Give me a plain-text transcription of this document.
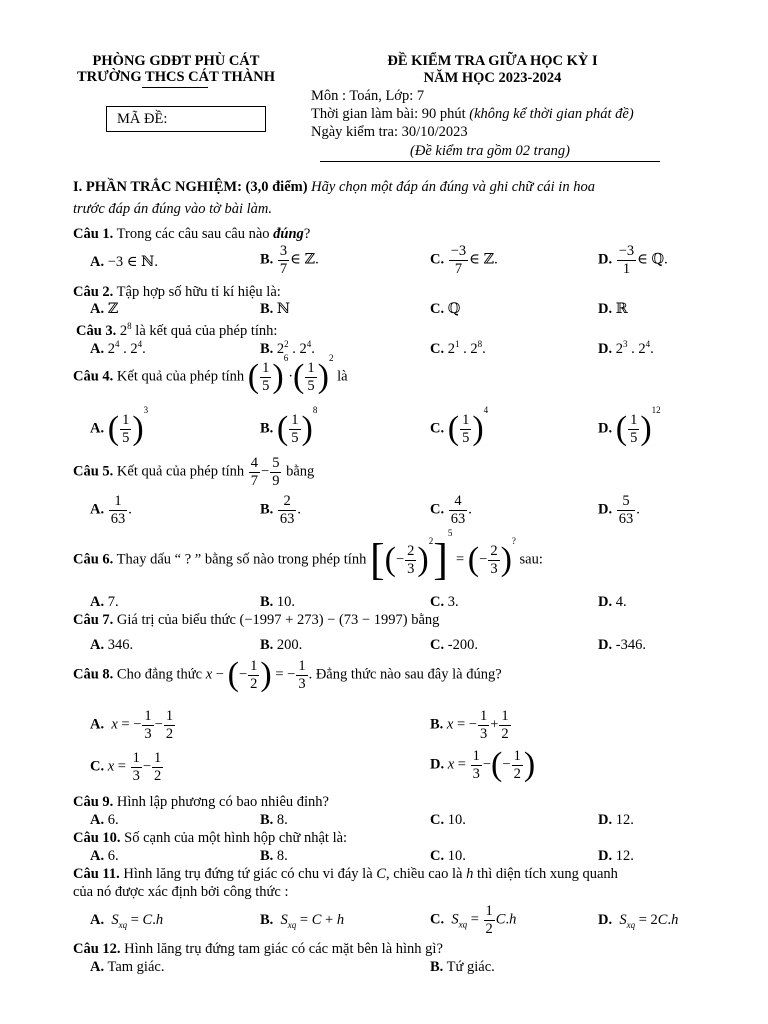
PHÒNG GDĐT PHÙ CÁT
TRƯỜNG THCS CÁT THÀNH
MÃ ĐỀ:
ĐỀ KIỂM TRA GIỮA HỌC KỲ I
NĂM HỌC 2023-2024
Môn : Toán, Lớp: 7
Thời gian làm bài: 90 phút (không kể thời gian phát đề)
Ngày kiểm tra: 30/10/2023
(Đề kiểm tra gồm 02 trang)
I. PHẦN TRẮC NGHIỆM: (3,0 điểm) Hãy chọn một đáp án đúng và ghi chữ cái in hoa
trước đáp án đúng vào tờ bài làm.
Câu 1. Trong các câu sau câu nào đúng?
A. −3 ∈ ℕ.	B. $\frac{3}{7}$ ∈ ℤ.	C. $\frac{-3}{7}$ ∈ ℤ.	D. $\frac{-3}{1}$ ∈ ℚ.
Câu 2. Tập hợp số hữu tỉ kí hiệu là:
A. ℤ	B. ℕ	C. ℚ	D. ℝ
Câu 3. $2^8$ là kết quả của phép tính:
A. $2^4$ . $2^4$.	B. $2^2$ . $2^4$.	C. $2^1$ . $2^8$.	D. $2^3$ . $2^4$.
Câu 4. Kết quả của phép tính ( $\frac{1}{5} )^6\cdot( \frac{1}{5} )^2$ là
A. ( $\frac{1}{5} )^3$
B. ( $\frac{1}{5} )^8$
C. ( $\frac{1}{5} )^4$
D. ( $\frac{1}{5} )^{12}$
Câu 5. Kết quả của phép tính $\frac{4}{7} - \frac{5}{9}$ bằng
A. $\frac{1}{63}$ .	B. $\frac{2}{63}$ .	C. $\frac{4}{63}$ .	D. $\frac{5}{63}$ .
Câu 6. Thay dấu “ ? ” bằng số nào trong phép tính [(− $\frac{2}{3} )^2]^5$ = (− $\frac{2}{3} )^?$ sau:
A. 7.	B. 10.	C. 3.	D. 4.
Câu 7. Giá trị của biểu thức (−1997 + 273) − (73 − 1997) bằng
A. 346.	B. 200.	C. -200.	D. -346.
Câu 8. Cho đẳng thức x − (− $\frac{1}{2}$ ) = − $\frac{1}{3}$ . Đẳng thức nào sau đây là đúng?
A. x = − $\frac{1}{3} - \frac{1}{2}$	B. x = − $\frac{1}{3} + \frac{1}{2}$
C. $x = \frac{1}{3} - \frac{1}{2}$	D. $x = \frac{1}{3}$ −(− $\frac{1}{2}$ )
Câu 9. Hình lập phương có bao nhiêu đỉnh?
A. 6.	B. 8.	C. 10.	D. 12.
Câu 10. Số cạnh của một hình hộp chữ nhật là:
A. 6.	B. 8.	C. 10.	D. 12.
Câu 11. Hình lăng trụ đứng tứ giác có chu vi đáy là C, chiều cao là h thì diện tích xung quanh
của nó được xác định bởi công thức :
A. $S_{xq} = C.h$	B. $S_{xq} = C + h$	C. $S_{xq} = \frac{1}{2} C.h$	D. $S_{xq} = 2C.h$
Câu 12. Hình lăng trụ đứng tam giác có các mặt bên là hình gì?
A. Tam giác.	B. Tứ giác.
